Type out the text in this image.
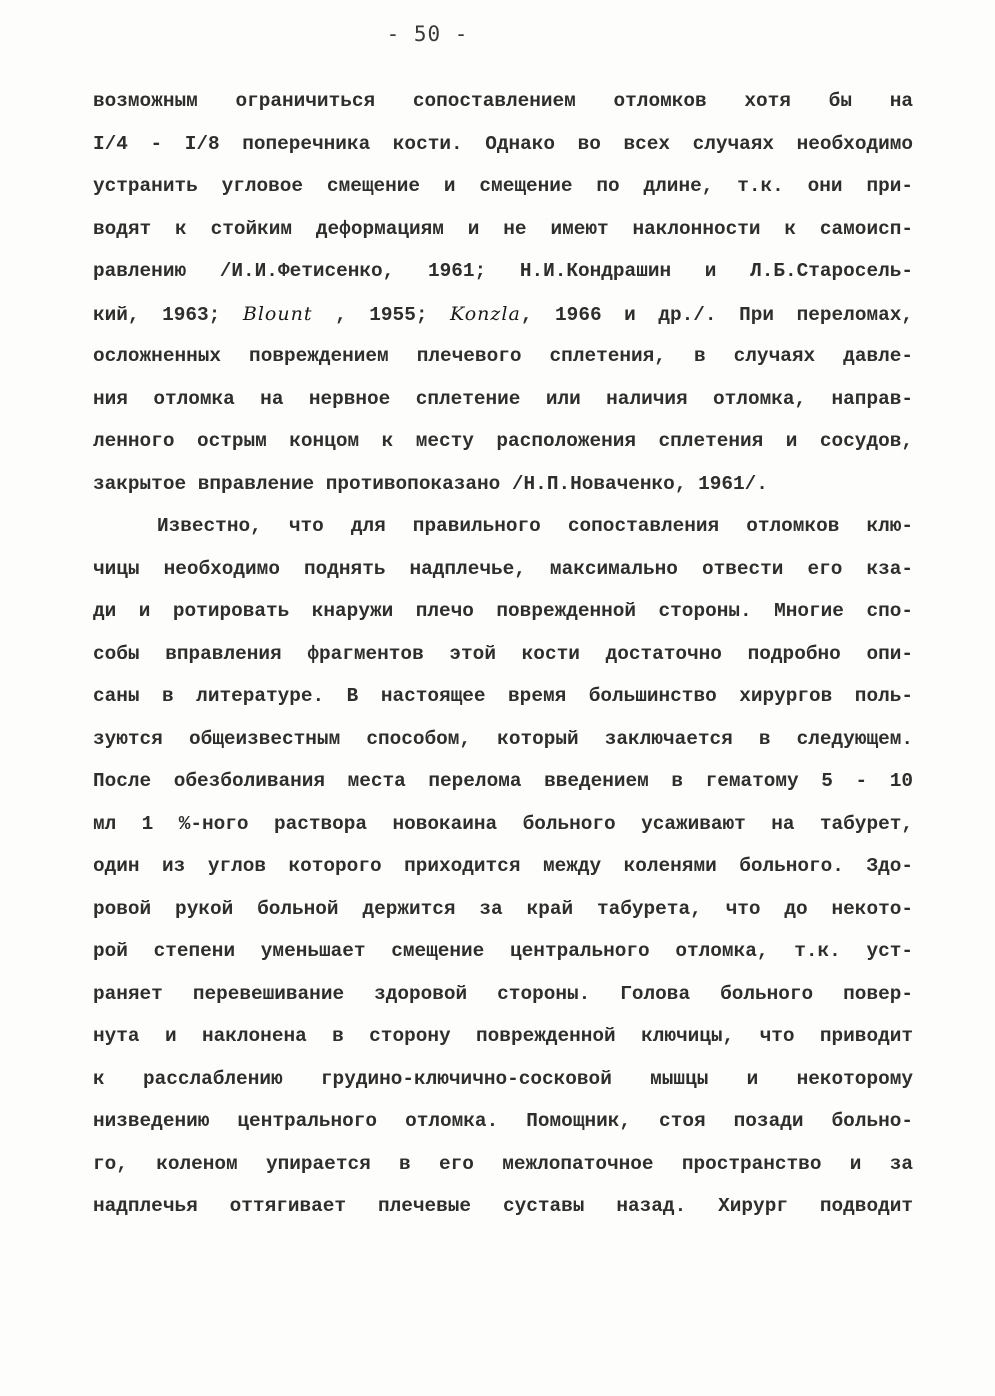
- 50 -
возможным ограничиться сопоставлением отломков хотя бы на
I/4 - I/8 поперечника кости. Однако во всех случаях необходимо
устранить угловое смещение и смещение по длине, т.к. они при-
водят к стойким деформациям и не имеют наклонности к самоисп-
равлению /И.И.Фетисенко, 1961; Н.И.Кондрашин и Л.Б.Старосель-
кий, 1963; Blount , 1955; Konzla, 1966 и др./. При переломах,
осложненных повреждением плечевого сплетения, в случаях давле-
ния отломка на нервное сплетение или наличия отломка, направ-
ленного острым концом к месту расположения сплетения и сосудов,
закрытое вправление противопоказано /Н.П.Новаченко, 1961/.
Известно, что для правильного сопоставления отломков клю-
чицы необходимо поднять надплечье, максимально отвести его кза-
ди и ротировать кнаружи плечо поврежденной стороны. Многие спо-
собы вправления фрагментов этой кости достаточно подробно опи-
саны в литературе. В настоящее время большинство хирургов поль-
зуются общеизвестным способом, который заключается в следующем.
После обезболивания места перелома введением в гематому 5 - 10
мл 1 %-ного раствора новокаина больного усаживают на табурет,
один из углов которого приходится между коленями больного. Здо-
ровой рукой больной держится за край табурета, что до некото-
рой степени уменьшает смещение центрального отломка, т.к. уст-
раняет перевешивание здоровой стороны. Голова больного повер-
нута и наклонена в сторону поврежденной ключицы, что приводит
к расслаблению грудино-ключично-сосковой мышцы и некоторому
низведению центрального отломка. Помощник, стоя позади больно-
го, коленом упирается в его межлопаточное пространство и за
надплечья оттягивает плечевые суставы назад. Хирург подводит
